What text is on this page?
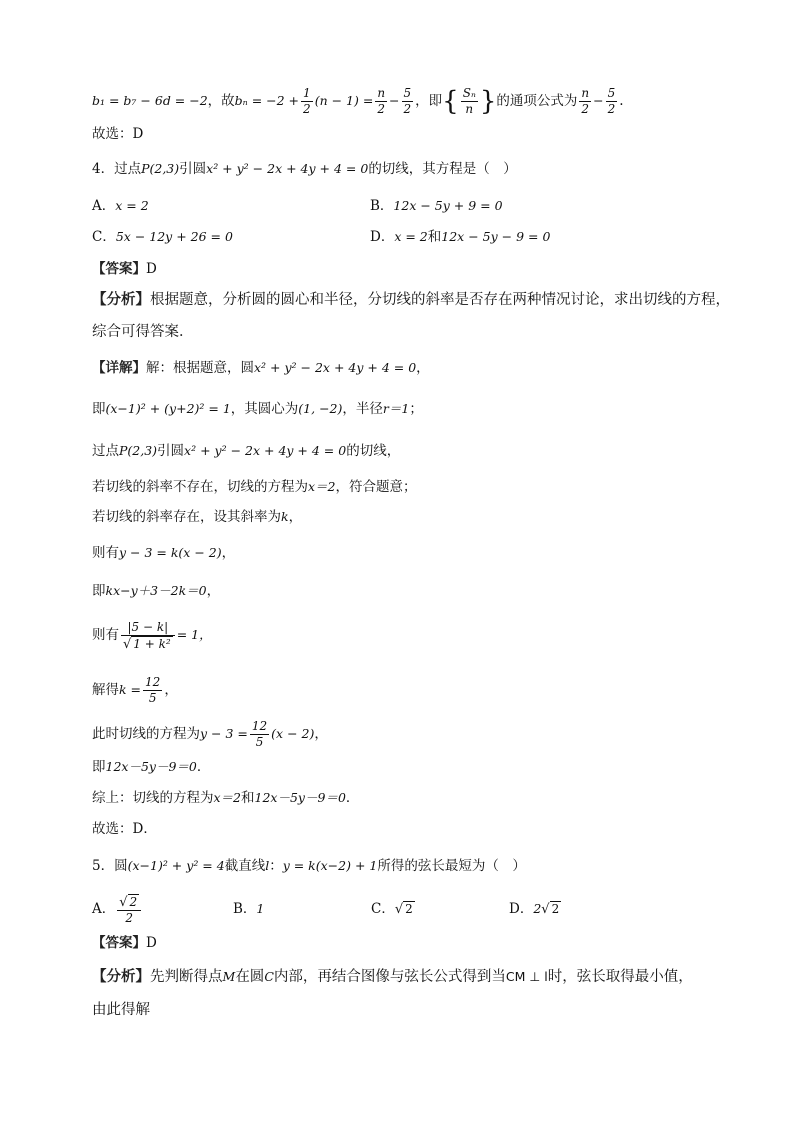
b₁ = b₇ − 6d = −2，故$b_n = -2 + \frac{1}{2} (n - 1) = \frac{n}{2} - \frac{5}{2}$ ，即{ $\frac{\text{Sₙ}}{n}$ }的通项公式为 $\frac{n}{2} - \frac{5}{2}$ .
故选：D
4．过点P(2,3)引圆x² + y² − 2x + 4y + 4 = 0的切线，其方程是（　）
A．x = 2	B．12x − 5y + 9 = 0
C．5x − 12y + 26 = 0	D．x = 2和12x − 5y − 9 = 0
【答案】D
【分析】根据题意，分析圆的圆心和半径，分切线的斜率是否存在两种情况讨论，求出切线的方程，
综合可得答案．
【详解】解：根据题意，圆x² + y² − 2x + 4y + 4 = 0，
即(x−1)² + (y+2)² = 1，其圆心为(1, −2)，半径r＝1；
过点P(2,3)引圆x² + y² − 2x + 4y + 4 = 0的切线，
若切线的斜率不存在，切线的方程为x＝2，符合题意；
若切线的斜率存在，设其斜率为k，
则有y − 3 = k(x − 2)，
即kx−y＋3－2k＝0，
则有 $\frac{|5 - k|}{\text{√ 1 + k²}} = 1$，
解得$k = \frac{12}{5}$ ，
此时切线的方程为$y - 3 = \frac{12}{5} (x - 2)$，
即12x－5y－9＝0．
综上：切线的方程为x＝2和12x－5y－9＝0．
故选：D．
5．圆(x−1)² + y² = 4截直线l：y = k(x−2) + 1所得的弦长最短为（　）
A． $\frac{√ 2}{2}$	B．1	C．√ 2	D．2√ 2
【答案】D
【分析】先判断得点M在圆C内部，再结合图像与弦长公式得到当CM ⊥ l时，弦长取得最小值，
由此得解
